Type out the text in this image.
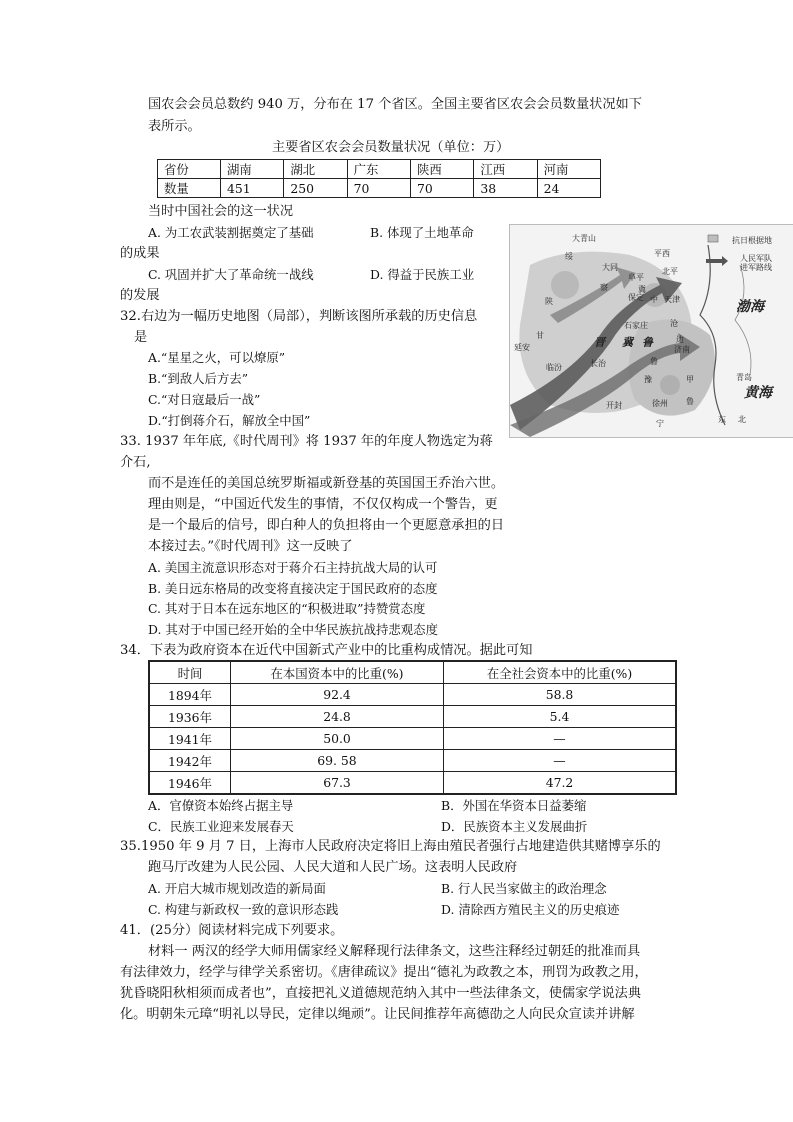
国农会会员总数约 940 万，分布在 17 个省区。全国主要省区农会会员数量状况如下
表所示。
主要省区农会会员数量状况（单位：万）
省份	湖南	湖北	广东	陕西	江西	河南
数量	451	250	70	70	38	24
当时中国社会的这一状况
A. 为工农武装割据奠定了基础	B. 体现了土地革命
的成果
C. 巩固并扩大了革命统一战线	D. 得益于民族工业
的发展
32.右边为一幅历史地图（局部），判断该图所承载的历史信息
是
A.“星星之火，可以燎原”
B.“到敌人后方去”
C.“对日寇最后一战”
D.“打倒蒋介石，解放全中国”
抗日根据地
人民军队
进军路线
渤海
黄海
大青山
绥
大同
阜平
北平
平西
冀
保定	天津
察
中
陕
石家庄	沧
边
甘
晋 冀 鲁
济南
延安
临汾	长治	鲁
豫	青岛
开封	徐州 鲁
东 北
宁
甲
33. 1937 年年底,《时代周刊》将 1937 年的年度人物选定为蒋
介石,
而不是连任的美国总统罗斯福或新登基的英国国王乔治六世。
理由则是，“中国近代发生的事情，不仅仅构成一个警告，更
是一个最后的信号，即白种人的负担将由一个更愿意承担的日
本接过去。”《时代周刊》这一反映了
A. 美国主流意识形态对于蒋介石主持抗战大局的认可
B. 美日远东格局的改变将直接决定于国民政府的态度
C. 其对于日本在远东地区的“积极进取”持赞赏态度
D. 其对于中国已经开始的全中华民族抗战持悲观态度
34．下表为政府资本在近代中国新式产业中的比重构成情况。据此可知
时间	在本国资本中的比重(%)	在全社会资本中的比重(%)
1894年	92.4	58.8
1936年	24.8	5.4
1941年	50.0	—
1942年	69. 58	—
1946年	67.3	47.2
A．官僚资本始终占据主导	B．外国在华资本日益萎缩
C．民族工业迎来发展春天	D．民族资本主义发展曲折
35.1950 年 9 月 7 日，上海市人民政府决定将旧上海由殖民者强行占地建造供其赌博享乐的
跑马厅改建为人民公园、人民大道和人民广场。这表明人民政府
A. 开启大城市规划改造的新局面	B. 行人民当家做主的政治理念
C. 构建与新政权一致的意识形态践	D. 清除西方殖民主义的历史痕迹
41．(25分）阅读材料完成下列要求。
材料一 两汉的经学大师用儒家经义解释现行法律条文，这些注释经过朝廷的批准而具
有法律效力，经学与律学关系密切。《唐律疏议》提出“德礼为政教之本，刑罚为政教之用，
犹昏晓阳秋相须而成者也”，直接把礼义道德规范纳入其中一些法律条文，使儒家学说法典
化。明朝朱元璋“明礼以导民，定律以绳顽”。让民间推荐年高德劭之人向民众宣读并讲解
